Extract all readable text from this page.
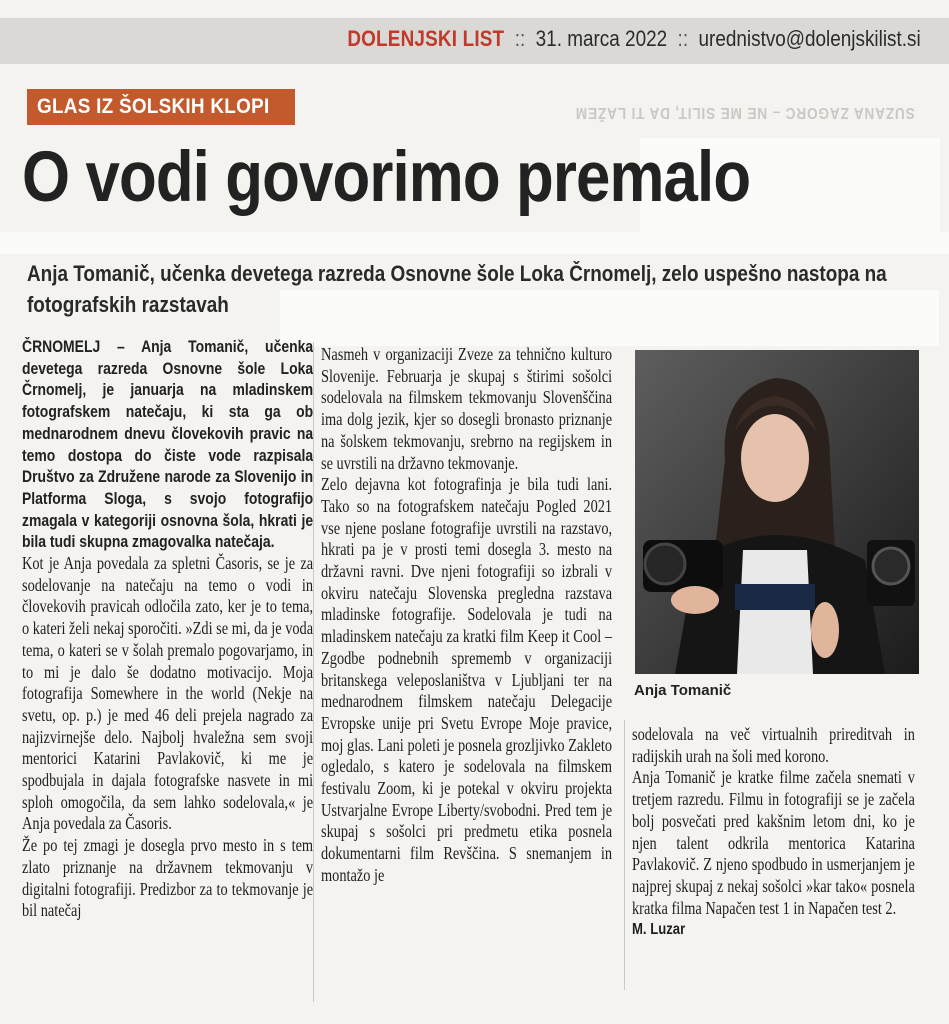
DOLENJSKI LIST :: 31. marca 2022 :: urednistvo@dolenjskilist.si
SUZANA ZAGORC – NE ME SILIT, DA TI LAŽEM
GLAS IZ ŠOLSKIH KLOPI
O vodi govorimo premalo
Anja Tomanič, učenka devetega razreda Osnovne šole Loka Črnomelj, zelo uspešno nastopa na fotografskih razstavah

ČRNOMELJ – Anja Tomanič, učenka devetega razreda Osnovne šole Loka Črnomelj, je januarja na mladinskem fotografskem natečaju, ki sta ga ob mednarodnem dnevu človekovih pravic na temo dostopa do čiste vode razpisala Društvo za Združene narode za Slovenijo in Platforma Sloga, s svojo fotografijo zmagala v kategoriji osnovna šola, hkrati je bila tudi skupna zmagovalka natečaja.

Kot je Anja povedala za spletni Časoris, se je za sodelovanje na natečaju na temo o vodi in človekovih pravicah odločila zato, ker je to tema, o kateri želi nekaj sporočiti. »Zdi se mi, da je voda tema, o kateri se v šolah premalo pogovarjamo, in to mi je dalo še dodatno motivacijo. Moja fotografija Somewhere in the world (Nekje na svetu, op. p.) je med 46 deli prejela nagrado za najizvirnejše delo. Najbolj hvaležna sem svoji mentorici Katarini Pavlakovič, ki me je spodbujala in dajala fotografske nasvete in mi sploh omogočila, da sem lahko sodelovala,« je Anja povedala za Časoris.

Že po tej zmagi je dosegla prvo mesto in s tem zlato priznanje na državnem tekmovanju v digitalni fotografiji. Predizbor za to tekmovanje je bil natečaj

Nasmeh v organizaciji Zveze za tehnično kulturo Slovenije. Februarja je skupaj s štirimi sošolci sodelovala na filmskem tekmovanju Slovenščina ima dolg jezik, kjer so dosegli bronasto priznanje na šolskem tekmovanju, srebrno na regijskem in se uvrstili na državno tekmovanje.

Zelo dejavna kot fotografinja je bila tudi lani. Tako so na fotografskem natečaju Pogled 2021 vse njene poslane fotografije uvrstili na razstavo, hkrati pa je v prosti temi dosegla 3. mesto na državni ravni. Dve njeni fotografiji so izbrali v okviru natečaju Slovenska pregledna razstava mladinske fotografije. Sodelovala je tudi na mladinskem natečaju za kratki film Keep it Cool – Zgodbe podnebnih sprememb v organizaciji britanskega veleposlaništva v Ljubljani ter na mednarodnem filmskem natečaju Delegacije Evropske unije pri Svetu Evrope Moje pravice, moj glas. Lani poleti je posnela grozljivko Zakleto ogledalo, s katero je sodelovala na filmskem festivalu Zoom, ki je potekal v okviru projekta Ustvarjalne Evrope Liberty/svobodni. Pred tem je skupaj s sošolci pri predmetu etika posnela dokumentarni film Revščina. S snemanjem in montažo je

Anja Tomanič

sodelovala na več virtualnih prireditvah in radijskih urah na šoli med korono.

Anja Tomanič je kratke filme začela snemati v tretjem razredu. Filmu in fotografiji se je začela bolj posvečati pred kakšnim letom dni, ko je njen talent odkrila mentorica Katarina Pavlakovič. Z njeno spodbudo in usmerjanjem je najprej skupaj z nekaj sošolci »kar tako« posnela kratka filma Napačen test 1 in Napačen test 2.

M. Luzar
